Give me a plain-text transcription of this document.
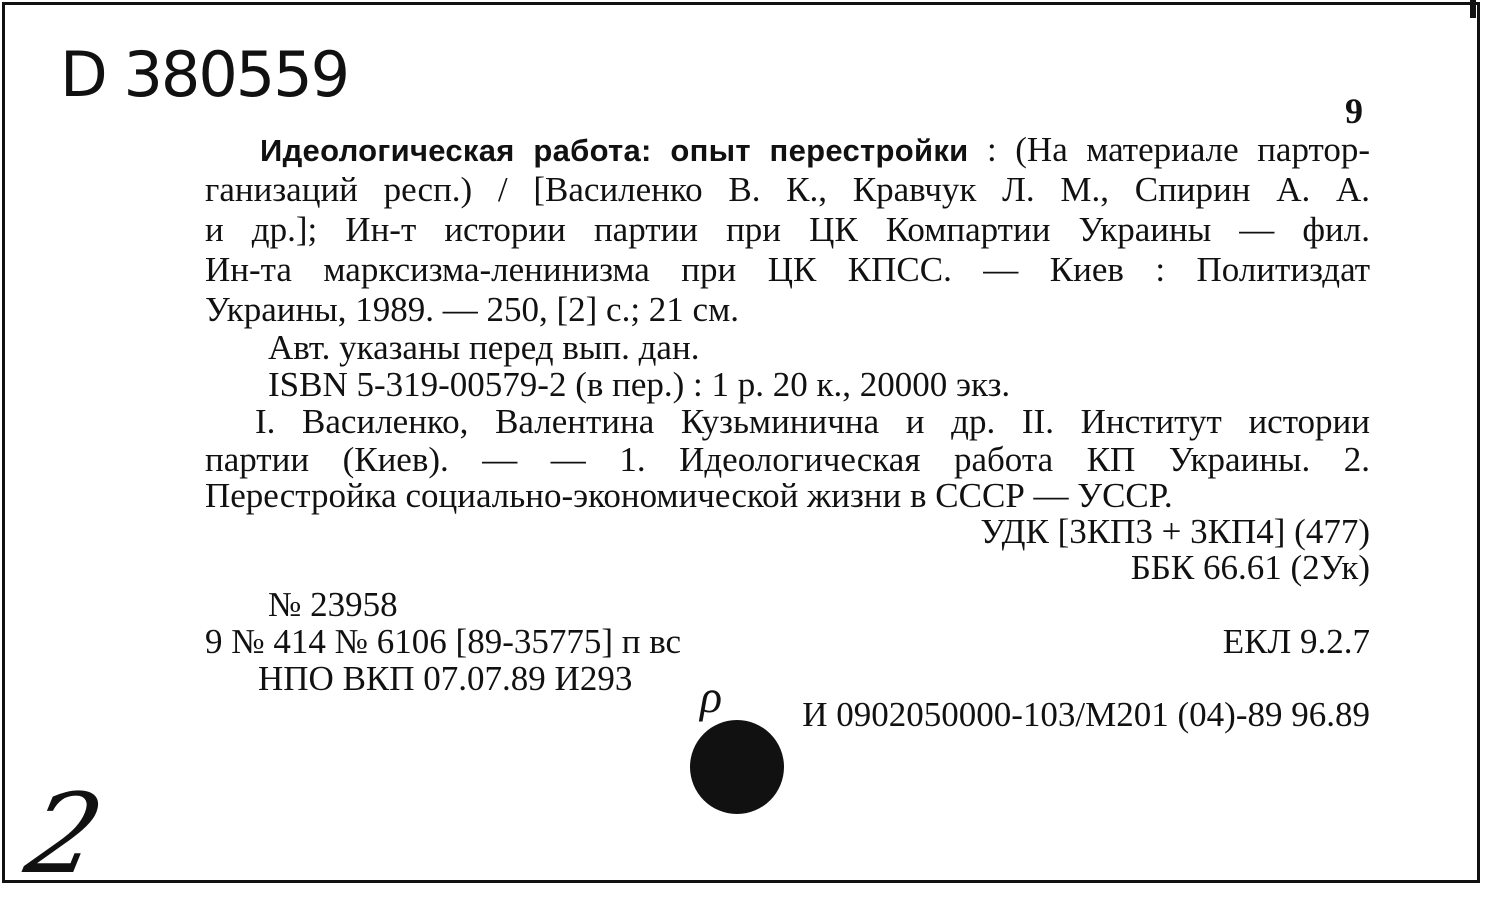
D 380559	9
Идеологическая работа: опыт перестройки : (На материале партор-
ганизаций респ.) / [Василенко В. К., Кравчук Л. М., Спирин А. А.
и др.]; Ин-т истории партии при ЦК Компартии Украины — фил.
Ин-та марксизма-ленинизма при ЦК КПСС. — Киев : Политиздат
Украины, 1989. — 250, [2] с.; 21 см.
Авт. указаны перед вып. дан.
ISBN 5-319-00579-2 (в пер.) : 1 р. 20 к., 20000 экз.
I. Василенко, Валентина Кузьминична и др. II. Институт истории
партии (Киев). — — 1. Идеологическая работа КП Украины. 2.
Перестройка социально-экономической жизни в СССР — УССР.
УДК [3КП3 + 3КП4] (477)
ББК 66.61 (2Ук)
№ 23958
9 № 414 № 6106 [89-35775] п вс	ЕКЛ 9.2.7
НПО ВКП 07.07.89 И293
И 0902050000-103/М201 (04)-89 96.89
ρ
2
